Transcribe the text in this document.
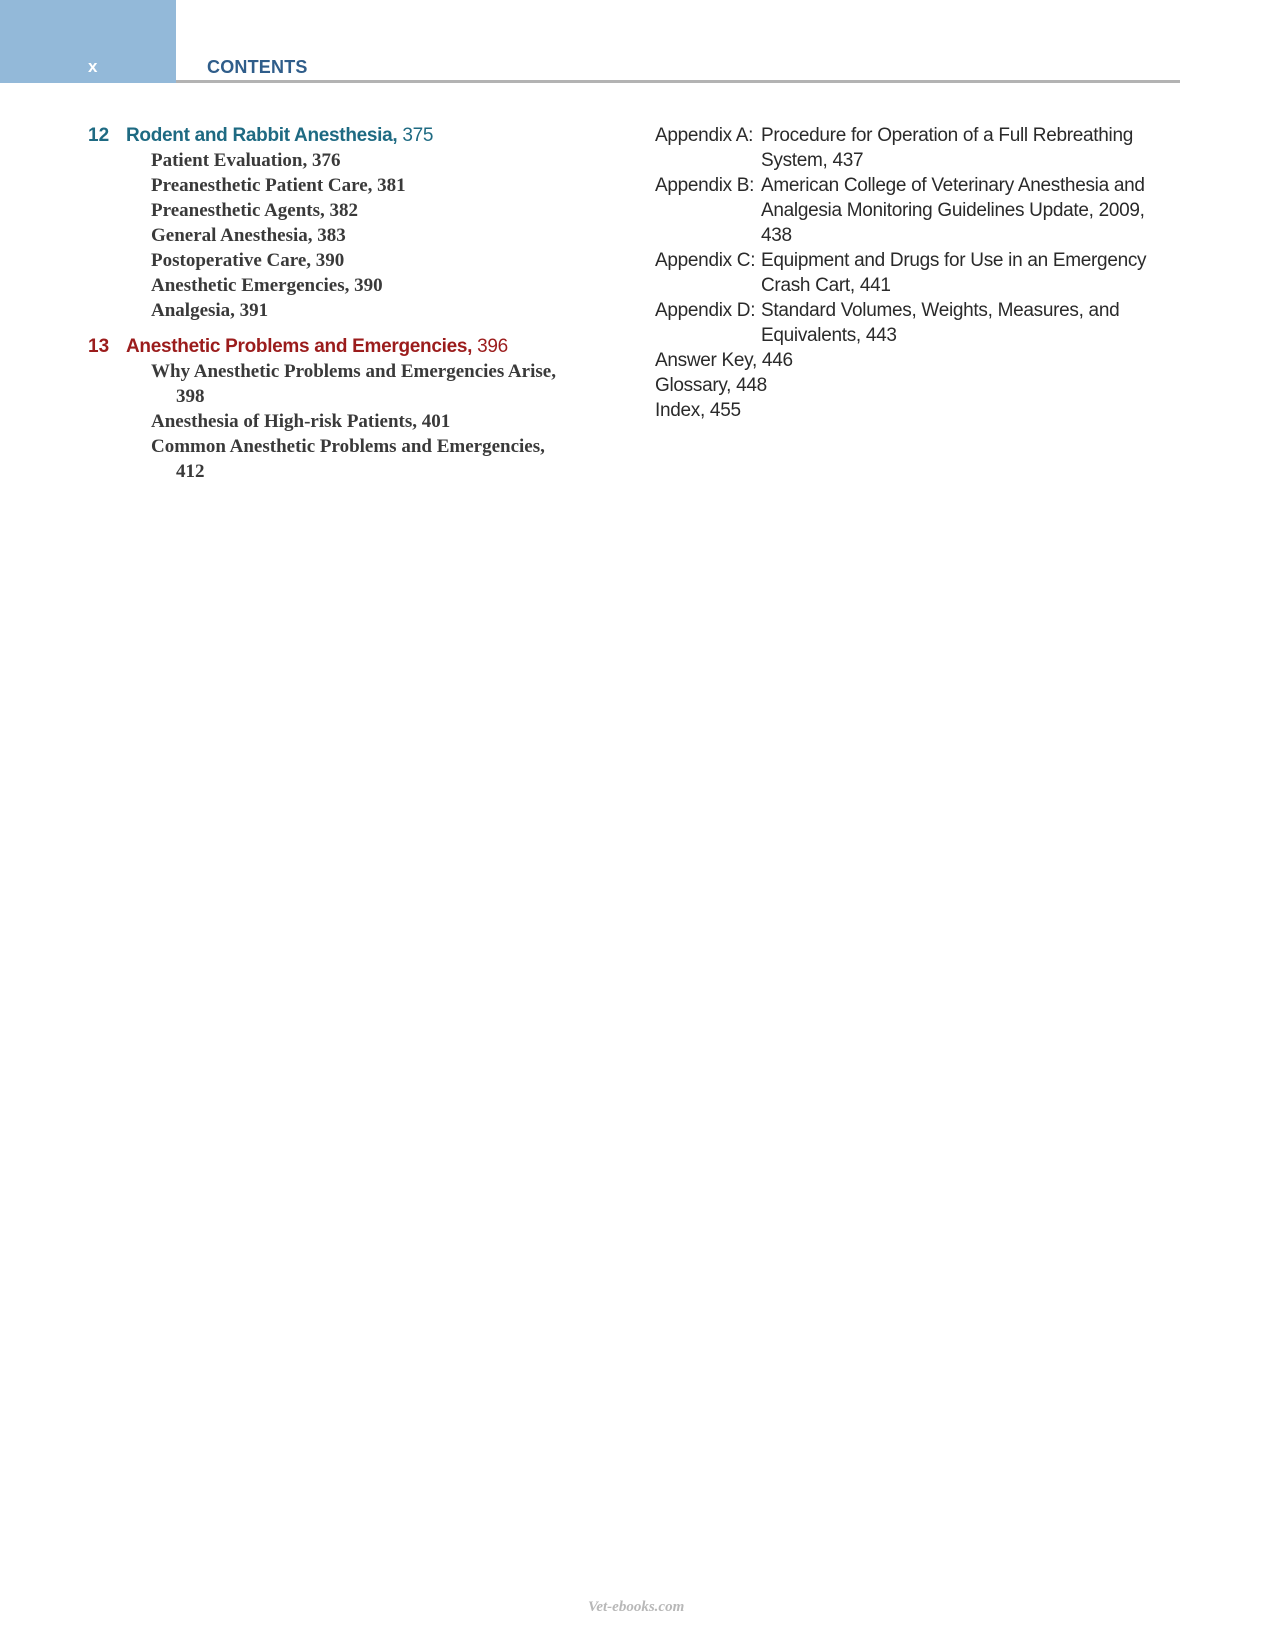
x	CONTENTS
12 Rodent and Rabbit Anesthesia, 375
Patient Evaluation, 376
Preanesthetic Patient Care, 381
Preanesthetic Agents, 382
General Anesthesia, 383
Postoperative Care, 390
Anesthetic Emergencies, 390
Analgesia, 391
13 Anesthetic Problems and Emergencies, 396
Why Anesthetic Problems and Emergencies Arise, 398
Anesthesia of High-risk Patients, 401
Common Anesthetic Problems and Emergencies, 412
Appendix A: Procedure for Operation of a Full Rebreathing System, 437
Appendix B: American College of Veterinary Anesthesia and Analgesia Monitoring Guidelines Update, 2009, 438
Appendix C: Equipment and Drugs for Use in an Emergency Crash Cart, 441
Appendix D: Standard Volumes, Weights, Measures, and Equivalents, 443
Answer Key, 446
Glossary, 448
Index, 455
Vet-ebooks.com
